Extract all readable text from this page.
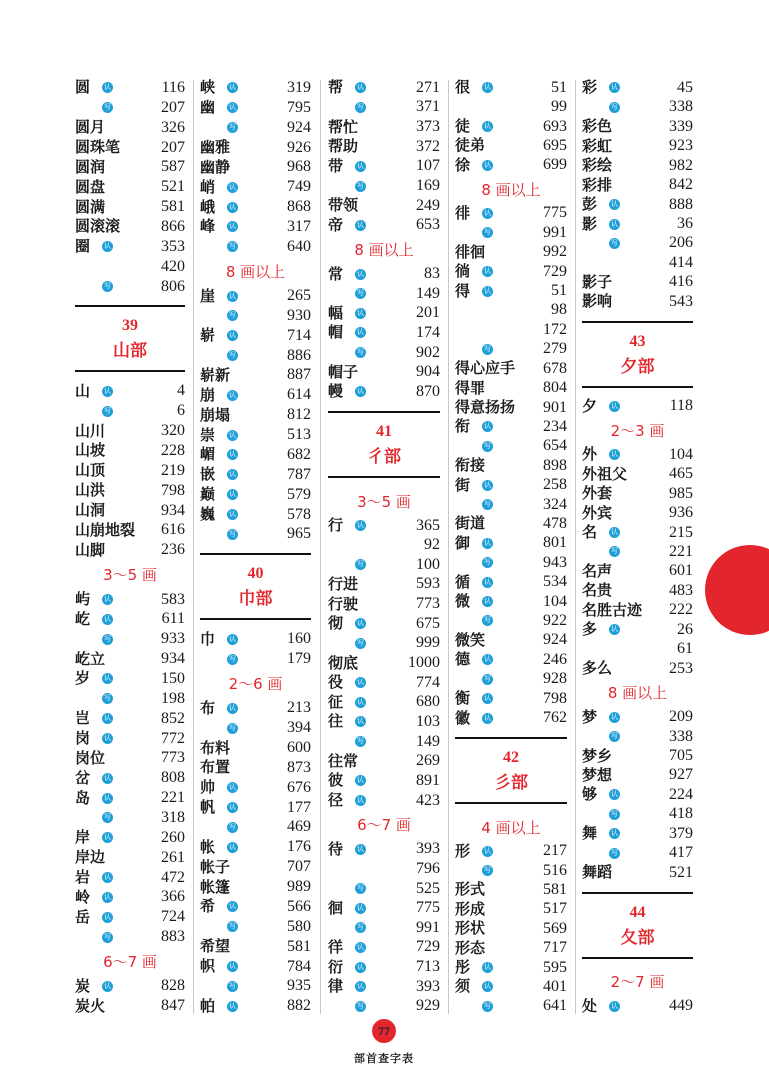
77
部首查字表
圆 认	116
写	207
圆月	326
圆珠笔	207
圆润	587
圆盘	521
圆满	581
圆滚滚	866
圈 认	353
420
写	806
39
山部
山 认	4
写	6
山川	320
山坡	228
山顶	219
山洪	798
山洞	934
山崩地裂 616
山脚	236
3～5 画
屿 认	583
屹 认	611
写	933
屹立	934
岁 认	150
写	198
岂 认	852
岗 认	772
岗位	773
岔 认	808
岛 认	221
写	318
岸 认	260
岸边	261
岩 认	472
岭 认	366
岳 认	724
写	883
6～7 画
炭 认	828
炭火	847
峡 认	319
幽 认	795
写	924
幽雅	926
幽静	968
峭 认	749
峨 认	868
峰 认	317
写	640
8 画以上
崖 认	265
写	930
崭 认	714
写	886
崭新	887
崩 认	614
崩塌	812
崇 认	513
嵋 认	682
嵌 认	787
巅 认	579
巍 认	578
写	965
40
巾部
巾 认	160
写	179
2～6 画
布 认	213
写	394
布料	600
布置	873
帅 认	676
帆 认	177
写	469
帐 认	176
帐子	707
帐篷	989
希 认	566
写	580
希望	581
帜 认	784
写	935
帕 认	882
帮 认	271
写	371
帮忙	373
帮助	372
带 认	107
写	169
带领	249
帝 认	653
8 画以上
常 认	83
写	149
幅 认	201
帽 认	174
写	902
帽子	904
幔 认	870
41
彳部
3～5 画
行 认	365
92
写	100
行进	593
行驶	773
彻 认	675
写	999
彻底	1000
役 认	774
征 认	680
往 认	103
写	149
往常	269
彼 认	891
径 认	423
6～7 画
待 认	393
796
写	525
徊 认	775
写	991
徉 认	729
衍 认	713
律 认	393
写	929
很 认	51
99
徒 认	693
徒弟	695
徐 认	699
8 画以上
徘 认	775
写	991
徘徊	992
徜 认	729
得 认	51
98
172
写	279
得心应手 678
得罪	804
得意扬扬 901
衔 认	234
写	654
衔接	898
街 认	258
写	324
街道	478
御 认	801
写	943
循 认	534
微 认	104
写	922
微笑	924
德 认	246
写	928
衡 认	798
徽 认	762
42
彡部
4 画以上
形 认	217
写	516
形式	581
形成	517
形状	569
形态	717
彤 认	595
须 认	401
写	641
彩 认	45
写	338
彩色	339
彩虹	923
彩绘	982
彩排	842
彭 认	888
影 认	36
写	206
414
影子	416
影响	543
43
夕部
夕 认	118
2～3 画
外 认	104
外祖父	465
外套	985
外宾	936
名 认	215
写	221
名声	601
名贵	483
名胜古迹 222
多 认	26
61
多么	253
8 画以上
梦 认	209
写	338
梦乡	705
梦想	927
够 认	224
写	418
舞 认	379
写	417
舞蹈	521
44
夂部
2～7 画
处 认	449
